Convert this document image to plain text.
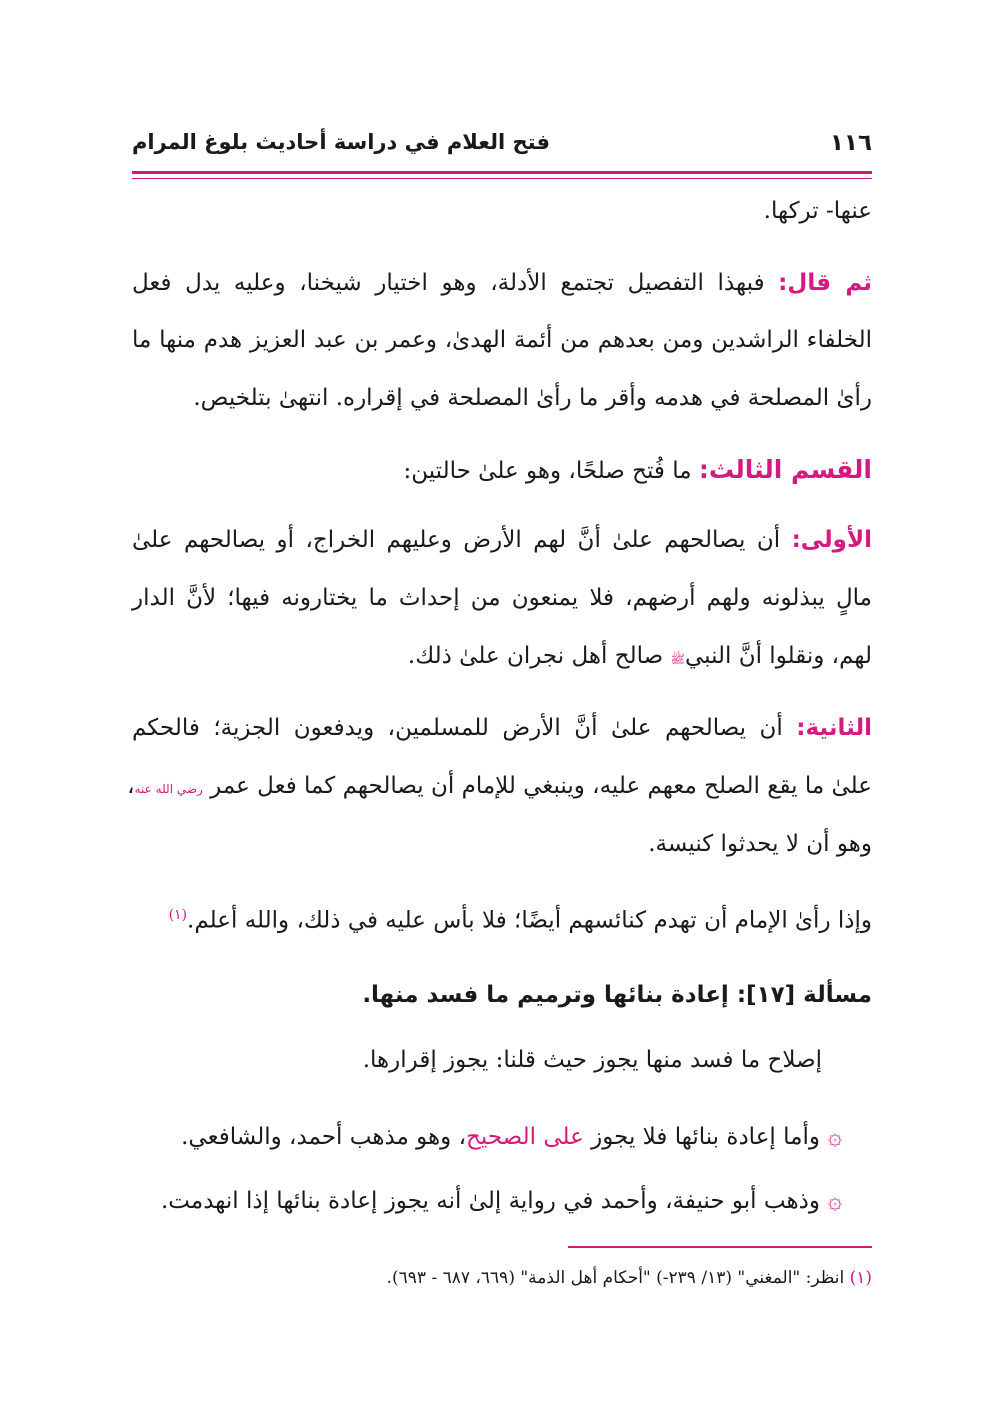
١١٦
فتح العلام في دراسة أحاديث بلوغ المرام
عنها- تركها.
ثم قال: فبهذا التفصيل تجتمع الأدلة، وهو اختيار شيخنا، وعليه يدل فعل
الخلفاء الراشدين ومن بعدهم من أئمة الهدىٰ، وعمر بن عبد العزيز هدم منها ما
رأىٰ المصلحة في هدمه وأقر ما رأىٰ المصلحة في إقراره. انتهىٰ بتلخيص.
القسم الثالث: ما فُتح صلحًا، وهو علىٰ حالتين:
الأولى: أن يصالحهم علىٰ أنَّ لهم الأرض وعليهم الخراج، أو يصالحهم علىٰ
مالٍ يبذلونه ولهم أرضهم، فلا يمنعون من إحداث ما يختارونه فيها؛ لأنَّ الدار
لهم، ونقلوا أنَّ النبيﷺ صالح أهل نجران علىٰ ذلك.
الثانية: أن يصالحهم علىٰ أنَّ الأرض للمسلمين، ويدفعون الجزية؛ فالحكم
علىٰ ما يقع الصلح معهم عليه، وينبغي للإمام أن يصالحهم كما فعل عمر رضي الله عنه،
وهو أن لا يحدثوا كنيسة.
وإذا رأىٰ الإمام أن تهدم كنائسهم أيضًا؛ فلا بأس عليه في ذلك، والله أعلم.$^{(١)}$
مسألة [١٧]: إعادة بنائها وترميم ما فسد منها.
إصلاح ما فسد منها يجوز حيث قلنا: يجوز إقرارها.
۞وأما إعادة بنائها فلا يجوز على الصحيح، وهو مذهب أحمد، والشافعي.
۞وذهب أبو حنيفة، وأحمد في رواية إلىٰ أنه يجوز إعادة بنائها إذا انهدمت.
(١) انظر: "المغني" (١٣/ ٢٣٩-) "أحكام أهل الذمة" (٦٦٩، ٦٨٧ - ٦٩٣).
